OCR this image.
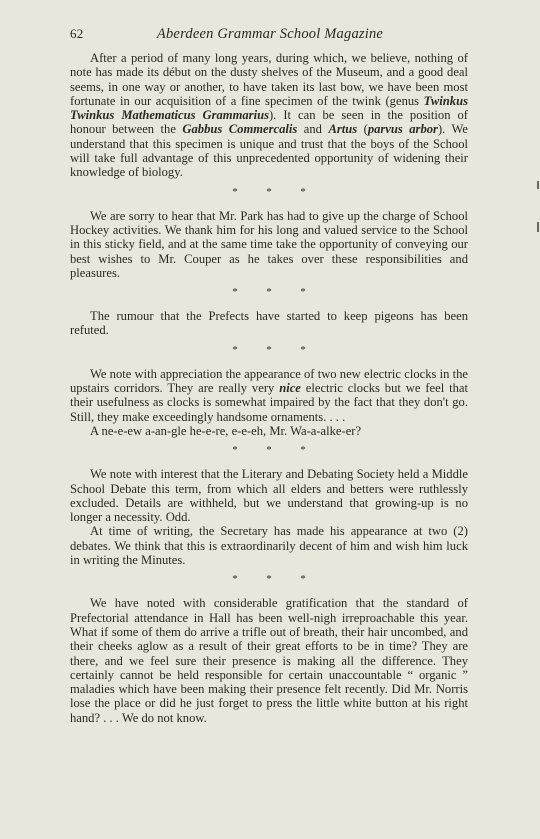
62	Aberdeen Grammar School Magazine

After a period of many long years, during which, we believe, nothing of note has made its début on the dusty shelves of the Museum, and a good deal seems, in one way or another, to have taken its last bow, we have been most fortunate in our acquisition of a fine specimen of the twink (genus Twinkus Twinkus Mathematicus Grammarius). It can be seen in the position of honour between the Gabbus Commercalis and Artus (parvus arbor). We understand that this specimen is unique and trust that the boys of the School will take full advantage of this unprecedented opportunity of widening their knowledge of biology.

*	*	*

We are sorry to hear that Mr. Park has had to give up the charge of School Hockey activities. We thank him for his long and valued service to the School in this sticky field, and at the same time take the opportunity of conveying our best wishes to Mr. Couper as he takes over these responsibilities and pleasures.

*	*	*

The rumour that the Prefects have started to keep pigeons has been refuted.

*	*	*

We note with appreciation the appearance of two new electric clocks in the upstairs corridors. They are really very nice electric clocks but we feel that their usefulness as clocks is somewhat impaired by the fact that they don't go. Still, they make exceedingly handsome ornaments. . . .

A ne-e-ew a-an-gle he-e-re, e-e-eh, Mr. Wa-a-alke-er?

*	*	*

We note with interest that the Literary and Debating Society held a Middle School Debate this term, from which all elders and betters were ruthlessly excluded. Details are withheld, but we understand that growing-up is no longer a necessity. Odd.

At time of writing, the Secretary has made his appearance at two (2) debates. We think that this is extraordinarily decent of him and wish him luck in writing the Minutes.

*	*	*

We have noted with considerable gratification that the standard of Prefectorial attendance in Hall has been well-nigh irreproachable this year. What if some of them do arrive a trifle out of breath, their hair uncombed, and their cheeks aglow as a result of their great efforts to be in time? They are there, and we feel sure their presence is making all the difference. They certainly cannot be held responsible for certain unaccountable “ organic ” maladies which have been making their presence felt recently. Did Mr. Norris lose the place or did he just forget to press the little white button at his right hand? . . . We do not know.
